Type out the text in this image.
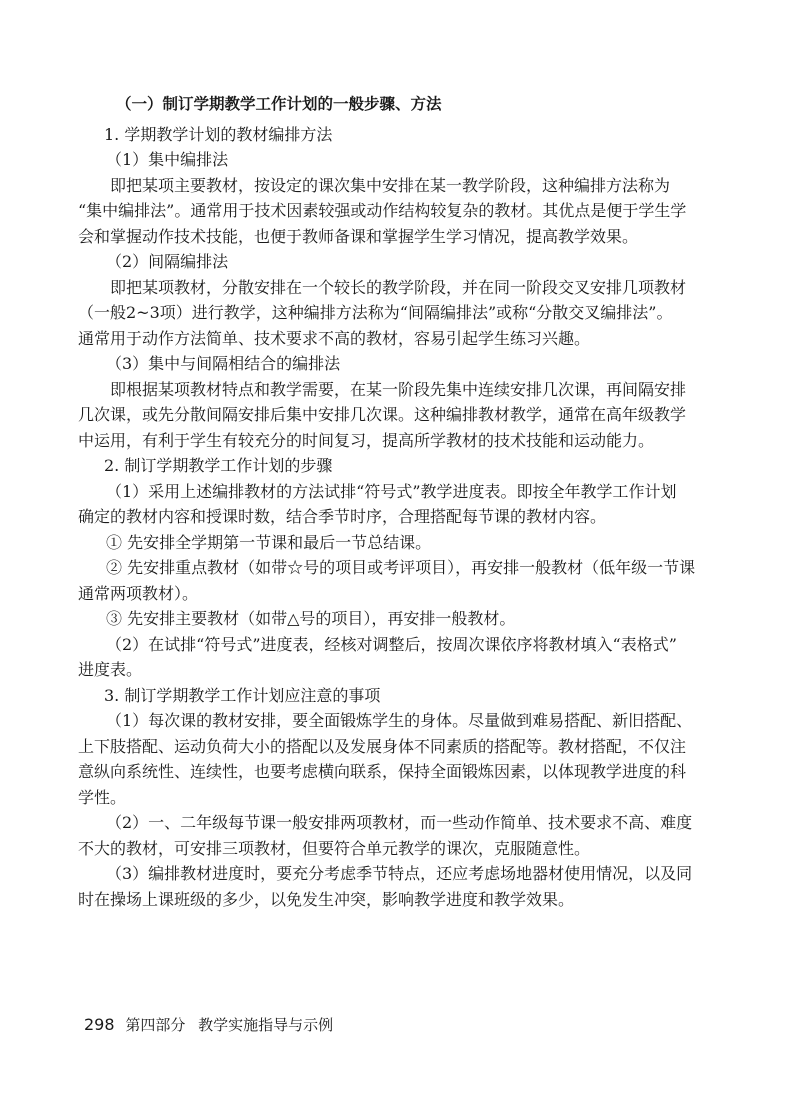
（一）制订学期教学工作计划的一般步骤、方法

1. 学期教学计划的教材编排方法

（1）集中编排法

即把某项主要教材，按设定的课次集中安排在某一教学阶段，这种编排方法称为

“集中编排法”。通常用于技术因素较强或动作结构较复杂的教材。其优点是便于学生学

会和掌握动作技术技能，也便于教师备课和掌握学生学习情况，提高教学效果。

（2）间隔编排法

即把某项教材，分散安排在一个较长的教学阶段，并在同一阶段交叉安排几项教材

（一般2~3项）进行教学，这种编排方法称为“间隔编排法”或称“分散交叉编排法”。

通常用于动作方法简单、技术要求不高的教材，容易引起学生练习兴趣。

（3）集中与间隔相结合的编排法

即根据某项教材特点和教学需要，在某一阶段先集中连续安排几次课，再间隔安排

几次课，或先分散间隔安排后集中安排几次课。这种编排教材教学，通常在高年级教学

中运用，有利于学生有较充分的时间复习，提高所学教材的技术技能和运动能力。

2. 制订学期教学工作计划的步骤

（1）采用上述编排教材的方法试排“符号式”教学进度表。即按全年教学工作计划

确定的教材内容和授课时数，结合季节时序，合理搭配每节课的教材内容。

① 先安排全学期第一节课和最后一节总结课。

② 先安排重点教材（如带☆号的项目或考评项目），再安排一般教材（低年级一节课

通常两项教材）。

③ 先安排主要教材（如带△号的项目），再安排一般教材。

（2）在试排“符号式”进度表，经核对调整后，按周次课依序将教材填入“表格式”

进度表。

3. 制订学期教学工作计划应注意的事项

（1）每次课的教材安排，要全面锻炼学生的身体。尽量做到难易搭配、新旧搭配、

上下肢搭配、运动负荷大小的搭配以及发展身体不同素质的搭配等。教材搭配，不仅注

意纵向系统性、连续性，也要考虑横向联系，保持全面锻炼因素，以体现教学进度的科

学性。

（2）一、二年级每节课一般安排两项教材，而一些动作简单、技术要求不高、难度

不大的教材，可安排三项教材，但要符合单元教学的课次，克服随意性。

（3）编排教材进度时，要充分考虑季节特点，还应考虑场地器材使用情况，以及同

时在操场上课班级的多少，以免发生冲突，影响教学进度和教学效果。

298 第四部分 教学实施指导与示例
